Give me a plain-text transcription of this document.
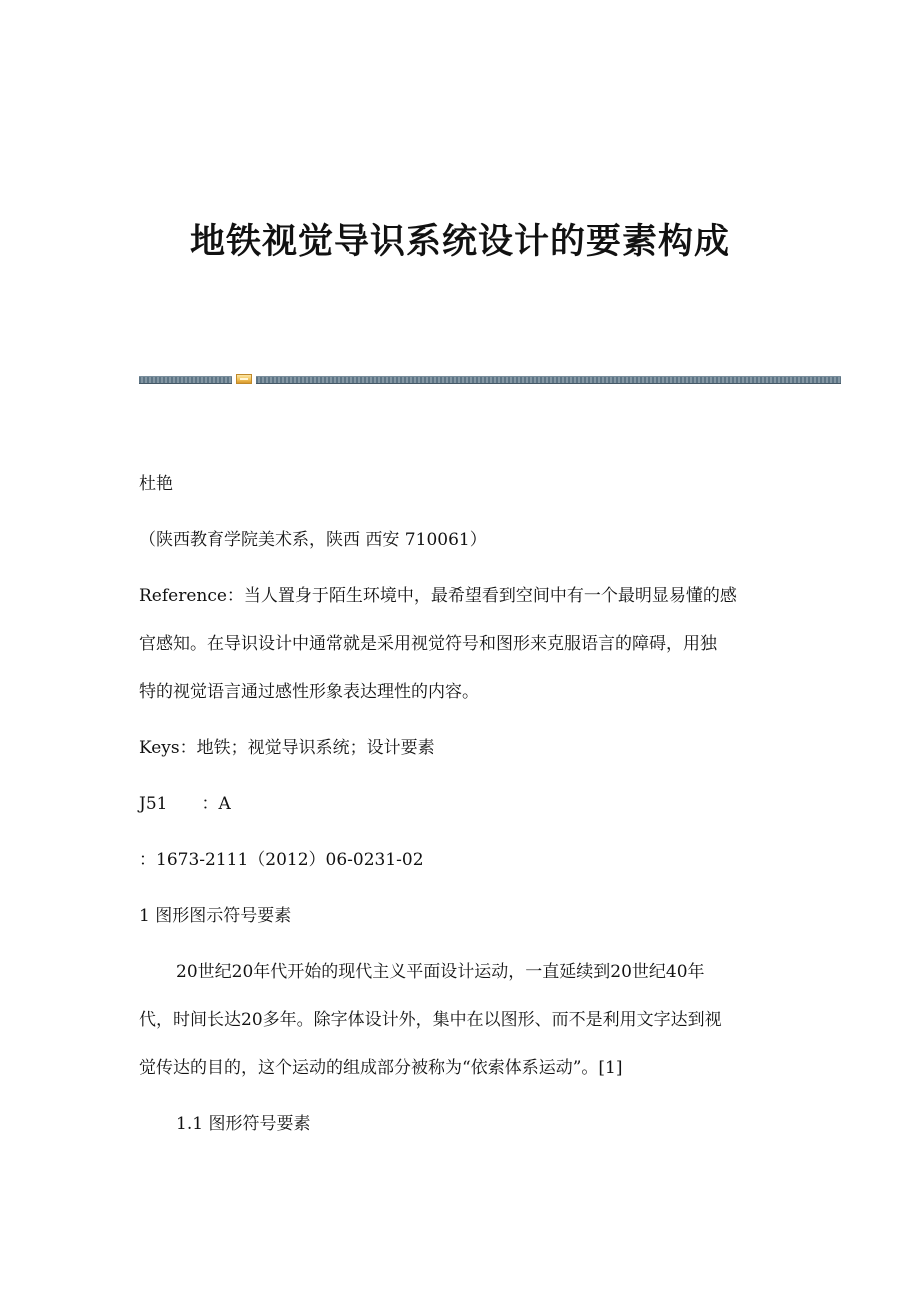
地铁视觉导识系统设计的要素构成

杜艳

（陕西教育学院美术系，陕西 西安 710061）

Reference：当人置身于陌生环境中，最希望看到空间中有一个最明显易懂的感

官感知。在导识设计中通常就是采用视觉符号和图形来克服语言的障碍，用独

特的视觉语言通过感性形象表达理性的内容。

Keys：地铁；视觉导识系统；设计要素

J51　　：A

：1673-2111（2012）06-0231-02

1 图形图示符号要素

20世纪20年代开始的现代主义平面设计运动，一直延续到20世纪40年

代，时间长达20多年。除字体设计外，集中在以图形、而不是利用文字达到视

觉传达的目的，这个运动的组成部分被称为“依索体系运动”。[1]

1.1 图形符号要素
